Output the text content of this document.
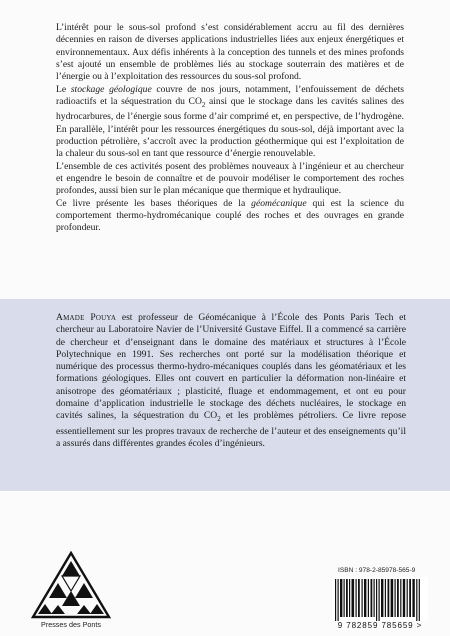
L’intérêt pour le sous-sol profond s’est considérablement accru au fil des dernières décennies en raison de diverses applications industrielles liées aux enjeux énergétiques et environnementaux. Aux défis inhérents à la conception des tunnels et des mines profonds s’est ajouté un ensemble de problèmes liés au stockage souterrain des matières et de l’énergie ou à l’exploitation des ressources du sous-sol profond.

Le stockage géologique couvre de nos jours, notamment, l’enfouissement de déchets radioactifs et la séquestration du $CO_2$ ainsi que le stockage dans les cavités salines des hydrocarbures, de l’énergie sous forme d’air comprimé et, en perspective, de l’hydrogène. En parallèle, l’intérêt pour les ressources énergétiques du sous-sol, déjà important avec la production pétrolière, s’accroît avec la production géothermique qui est l’exploitation de la chaleur du sous-sol en tant que ressource d’énergie renouvelable.

L’ensemble de ces activités posent des problèmes nouveaux à l’ingénieur et au chercheur et engendre le besoin de connaître et de pouvoir modéliser le comportement des roches profondes, aussi bien sur le plan mécanique que thermique et hydraulique.

Ce livre présente les bases théoriques de la géomécanique qui est la science du comportement thermo-hydromécanique couplé des roches et des ouvrages en grande profondeur.

Amade Pouya est professeur de Géomécanique à l’École des Ponts Paris Tech et chercheur au Laboratoire Navier de l’Université Gustave Eiffel. Il a commencé sa carrière de chercheur et d’enseignant dans le domaine des matériaux et structures à l’École Polytechnique en 1991. Ses recherches ont porté sur la modélisation théorique et numérique des processus thermo-hydro-mécaniques couplés dans les géomatériaux et les formations géologiques. Elles ont couvert en particulier la déformation non-linéaire et anisotrope des géomatériaux ; plasticité, fluage et endommagement, et ont eu pour domaine d’application industrielle le stockage des déchets nucléaires, le stockage en cavités salines, la séquestration du $CO_2$ et les problèmes pétroliers. Ce livre repose essentiellement sur les propres travaux de recherche de l’auteur et des enseignements qu’il a assurés dans différentes grandes écoles d’ingénieurs.
Presses des Ponts
ISBN : 978-2-85978-565-9
9 782859 785659 >
